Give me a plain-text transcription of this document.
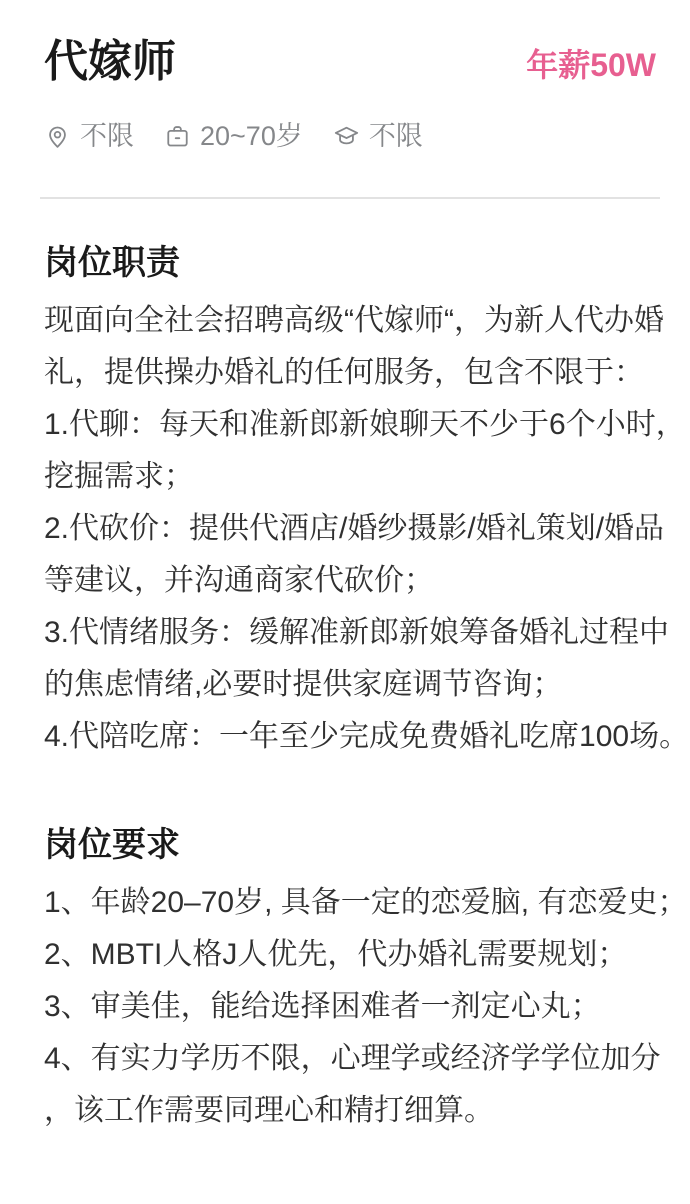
代嫁师	年薪50W
不限 20~70岁 不限
岗位职责
现面向全社会招聘高级“代嫁师“，为新人代办婚
礼，提供操办婚礼的任何服务，包含不限于：
1.代聊：每天和准新郎新娘聊天不少于6个小时，
挖掘需求；
2.代砍价：提供代酒店/婚纱摄影/婚礼策划/婚品
等建议，并沟通商家代砍价；
3.代情绪服务：缓解准新郎新娘筹备婚礼过程中
的焦虑情绪,必要时提供家庭调节咨询；
4.代陪吃席：一年至少完成免费婚礼吃席100场。
岗位要求
1、年龄20–70岁, 具备一定的恋爱脑, 有恋爱史；
2、MBTI人格J人优先，代办婚礼需要规划；
3、审美佳，能给选择困难者一剂定心丸；
4、有实力学历不限，心理学或经济学学位加分
，该工作需要同理心和精打细算。
